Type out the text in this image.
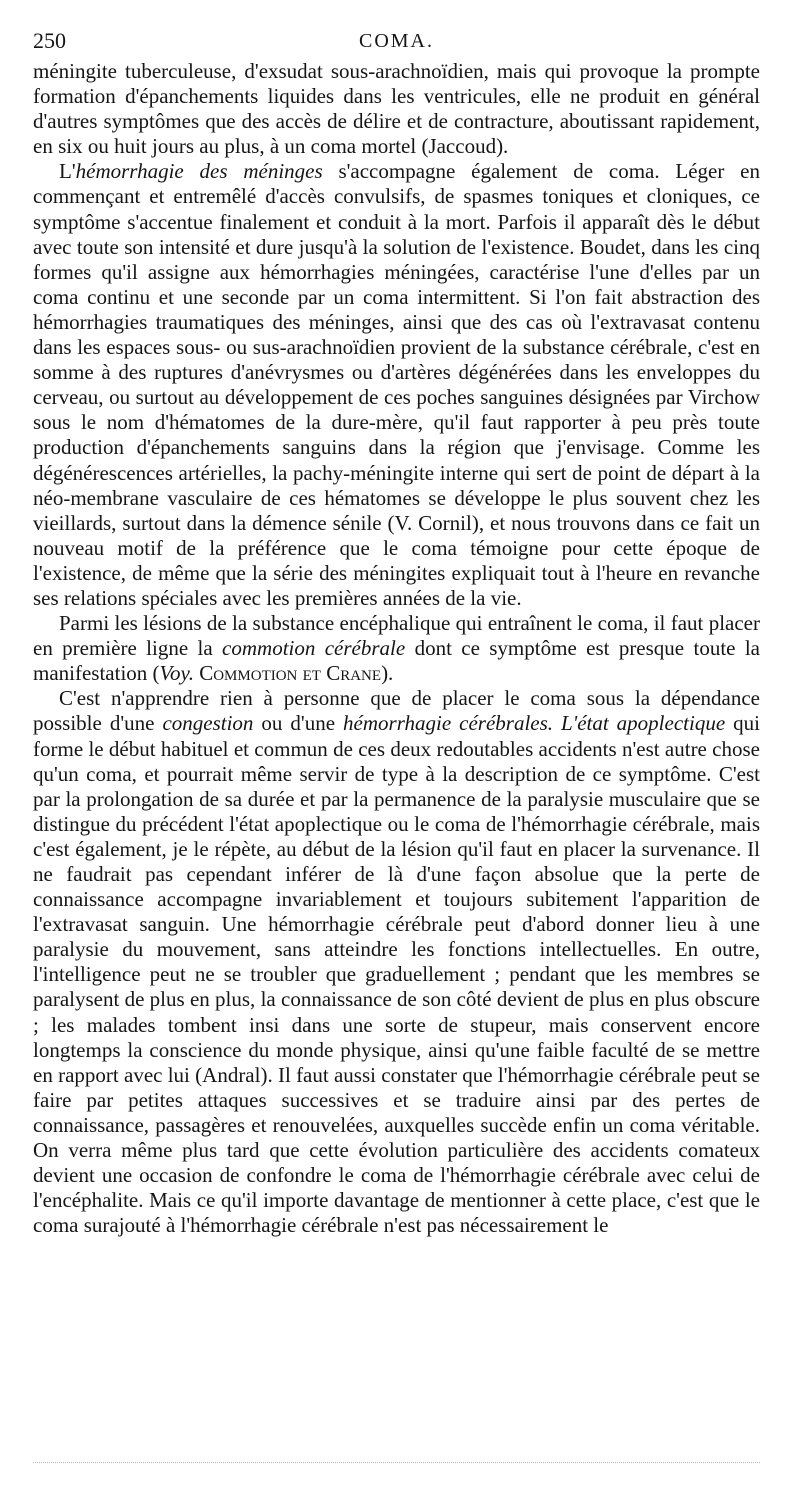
250	COMA.

méningite tuberculeuse, d'exsudat sous-arachnoïdien, mais qui provoque la prompte formation d'épanchements liquides dans les ventricules, elle ne produit en général d'autres symptômes que des accès de délire et de contracture, aboutissant rapidement, en six ou huit jours au plus, à un coma mortel (Jaccoud).

L'hémorrhagie des méninges s'accompagne également de coma. Léger en commençant et entremêlé d'accès convulsifs, de spasmes toniques et cloniques, ce symptôme s'accentue finalement et conduit à la mort. Parfois il apparaît dès le début avec toute son intensité et dure jusqu'à la solution de l'existence. Boudet, dans les cinq formes qu'il assigne aux hémorrhagies méningées, caractérise l'une d'elles par un coma continu et une seconde par un coma intermittent. Si l'on fait abstraction des hémorrhagies traumatiques des méninges, ainsi que des cas où l'extravasat contenu dans les espaces sous- ou sus-arachnoïdien provient de la substance cérébrale, c'est en somme à des ruptures d'anévrysmes ou d'artères dégénérées dans les enveloppes du cerveau, ou surtout au développement de ces poches sanguines désignées par Virchow sous le nom d'hématomes de la dure-mère, qu'il faut rapporter à peu près toute production d'épanchements sanguins dans la région que j'envisage. Comme les dégénérescences artérielles, la pachy-méningite interne qui sert de point de départ à la néo-membrane vasculaire de ces hématomes se développe le plus souvent chez les vieillards, surtout dans la démence sénile (V. Cornil), et nous trouvons dans ce fait un nouveau motif de la préférence que le coma témoigne pour cette époque de l'existence, de même que la série des méningites expliquait tout à l'heure en revanche ses relations spéciales avec les premières années de la vie.

Parmi les lésions de la substance encéphalique qui entraînent le coma, il faut placer en première ligne la commotion cérébrale dont ce symptôme est presque toute la manifestation (Voy. Commotion et Crane).

C'est n'apprendre rien à personne que de placer le coma sous la dépendance possible d'une congestion ou d'une hémorrhagie cérébrales. L'état apoplectique qui forme le début habituel et commun de ces deux redoutables accidents n'est autre chose qu'un coma, et pourrait même servir de type à la description de ce symptôme. C'est par la prolongation de sa durée et par la permanence de la paralysie musculaire que se distingue du précédent l'état apoplectique ou le coma de l'hémorrhagie cérébrale, mais c'est également, je le répète, au début de la lésion qu'il faut en placer la survenance. Il ne faudrait pas cependant inférer de là d'une façon absolue que la perte de connaissance accompagne invariablement et toujours subitement l'apparition de l'extravasat sanguin. Une hémorrhagie cérébrale peut d'abord donner lieu à une paralysie du mouvement, sans atteindre les fonctions intellectuelles. En outre, l'intelligence peut ne se troubler que graduellement ; pendant que les membres se paralysent de plus en plus, la connaissance de son côté devient de plus en plus obscure ; les malades tombent insi dans une sorte de stupeur, mais conservent encore longtemps la conscience du monde physique, ainsi qu'une faible faculté de se mettre en rapport avec lui (Andral). Il faut aussi constater que l'hémorrhagie cérébrale peut se faire par petites attaques successives et se traduire ainsi par des pertes de connaissance, passagères et renouvelées, auxquelles succède enfin un coma véritable. On verra même plus tard que cette évolution particulière des accidents comateux devient une occasion de confondre le coma de l'hémorrhagie cérébrale avec celui de l'encéphalite. Mais ce qu'il importe davantage de mentionner à cette place, c'est que le coma surajouté à l'hémorrhagie cérébrale n'est pas nécessairement le
